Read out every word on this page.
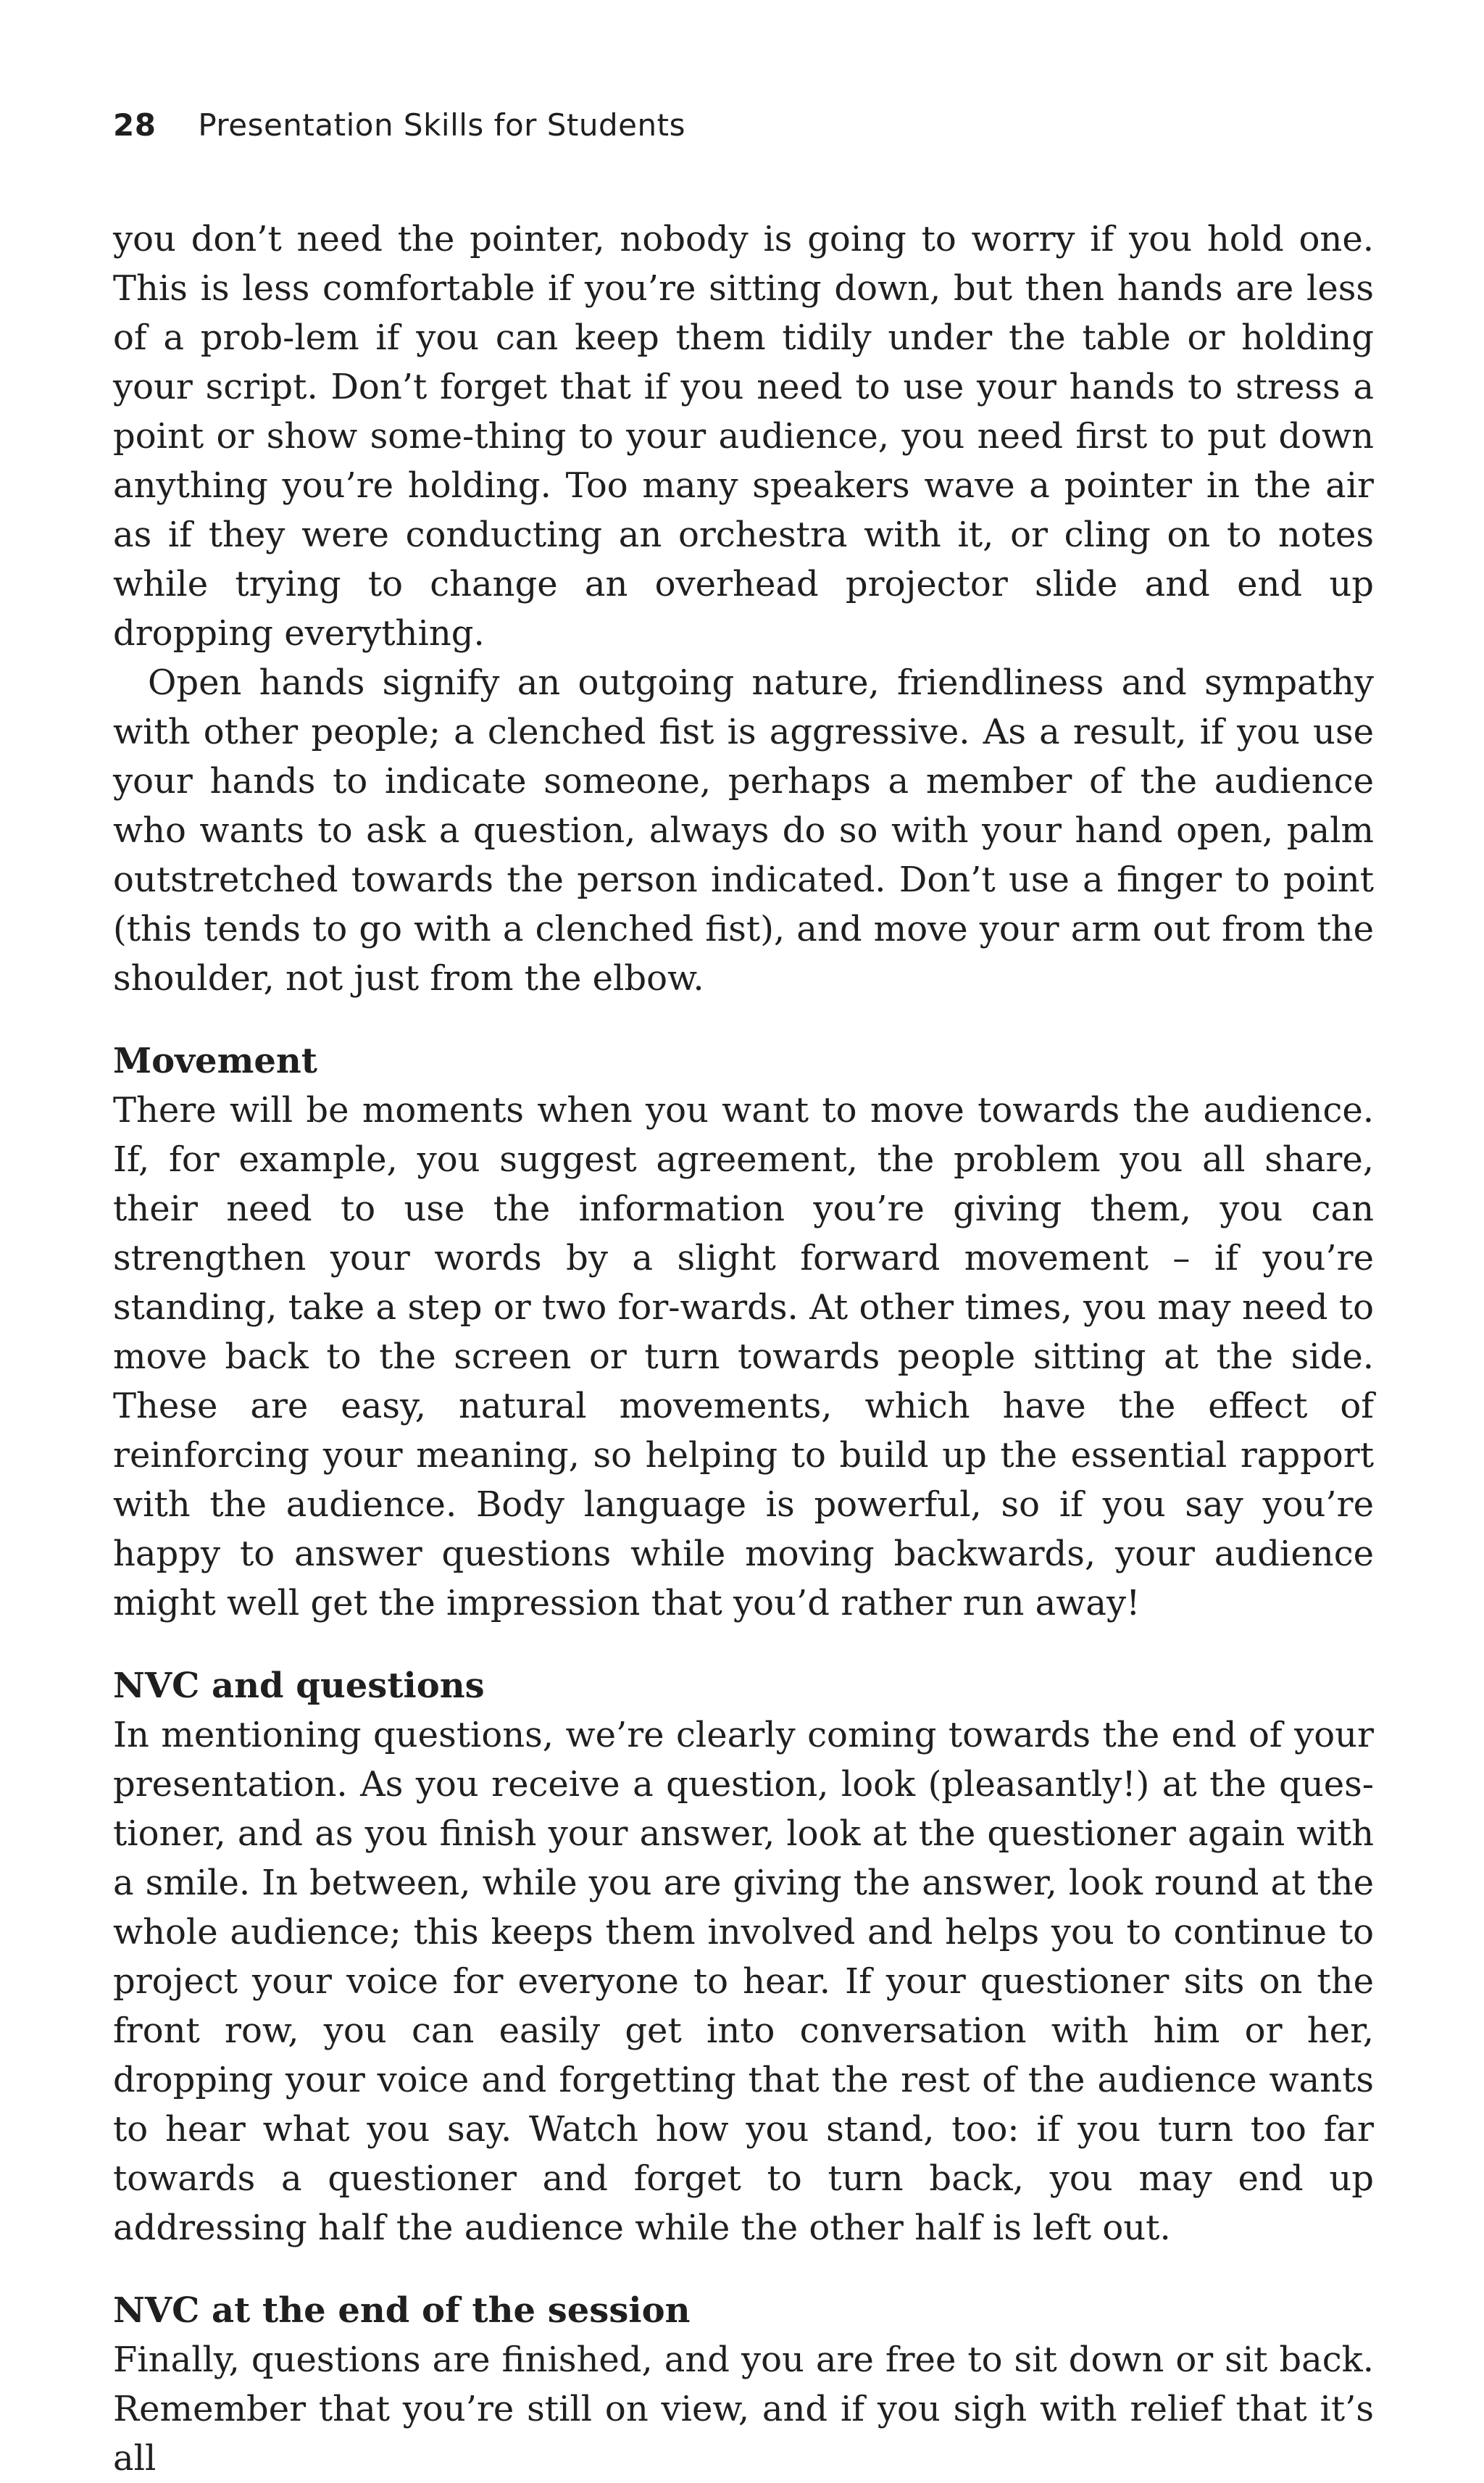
28 Presentation Skills for Students

you don’t need the pointer, nobody is going to worry if you hold one. This is less comfortable if you’re sitting down, but then hands are less of a prob-lem if you can keep them tidily under the table or holding your script. Don’t forget that if you need to use your hands to stress a point or show some-thing to your audience, you need first to put down anything you’re holding. Too many speakers wave a pointer in the air as if they were conducting an orchestra with it, or cling on to notes while trying to change an overhead projector slide and end up dropping everything.

Open hands signify an outgoing nature, friendliness and sympathy with other people; a clenched fist is aggressive. As a result, if you use your hands to indicate someone, perhaps a member of the audience who wants to ask a question, always do so with your hand open, palm outstretched towards the person indicated. Don’t use a finger to point (this tends to go with a clenched fist), and move your arm out from the shoulder, not just from the elbow.

Movement

There will be moments when you want to move towards the audience. If, for example, you suggest agreement, the problem you all share, their need to use the information you’re giving them, you can strengthen your words by a slight forward movement – if you’re standing, take a step or two for-wards. At other times, you may need to move back to the screen or turn towards people sitting at the side. These are easy, natural movements, which have the effect of reinforcing your meaning, so helping to build up the essential rapport with the audience. Body language is powerful, so if you say you’re happy to answer questions while moving backwards, your audience might well get the impression that you’d rather run away!

NVC and questions

In mentioning questions, we’re clearly coming towards the end of your presentation. As you receive a question, look (pleasantly!) at the ques-tioner, and as you finish your answer, look at the questioner again with a smile. In between, while you are giving the answer, look round at the whole audience; this keeps them involved and helps you to continue to project your voice for everyone to hear. If your questioner sits on the front row, you can easily get into conversation with him or her, dropping your voice and forgetting that the rest of the audience wants to hear what you say. Watch how you stand, too: if you turn too far towards a questioner and forget to turn back, you may end up addressing half the audience while the other half is left out.

NVC at the end of the session

Finally, questions are finished, and you are free to sit down or sit back. Remember that you’re still on view, and if you sigh with relief that it’s all
